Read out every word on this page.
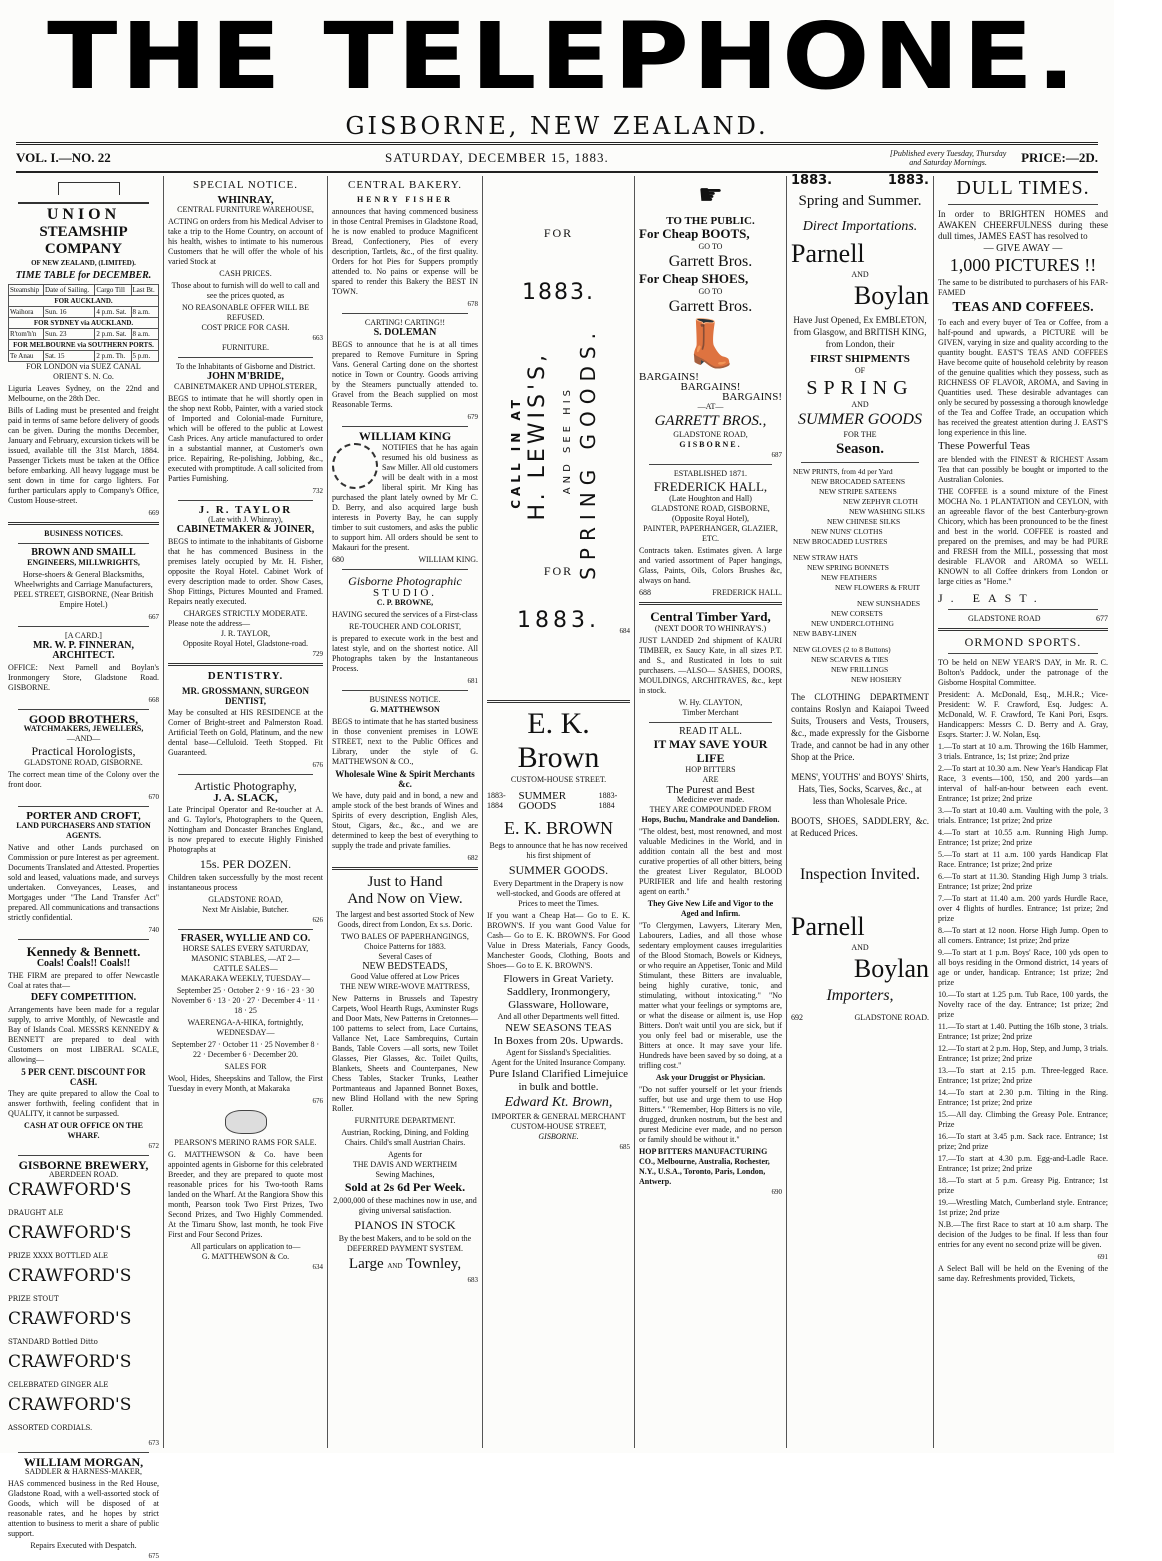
THE TELEPHONE.
GISBORNE, NEW ZEALAND.
VOL. I.—NO. 22	SATURDAY, DECEMBER 15, 1883.	[Published every Tuesday, Thursday and Saturday Mornings.	PRICE:—2D.
UNION
STEAMSHIP COMPANY
OF NEW ZEALAND, (LIMITED).
TIME TABLE for DECEMBER.
Steamship	Date of Sailing.	Cargo Till	Last Bt.
FOR AUCKLAND.			
Waihora	Sun. 16	4 p.m. Sat.	8 a.m.
FOR SYDNEY via AUCKLAND.			
R'tom'h'n	Sun. 23	2 p.m. Sat.	8 a.m.
FOR MELBOURNE via SOUTHERN PORTS.			
Te Anau	Sat. 15	2 p.m. Th.	5 p.m.
FOR LONDON via SUEZ CANAL
ORIENT S. N. Co.

Liguria Leaves Sydney, on the 22nd and Melbourne, on the 28th Dec.

Bills of Lading must be presented and freight paid in terms of same before delivery of goods can be given. During the months December, January and February, excursion tickets will be issued, available till the 31st March, 1884. Passenger Tickets must be taken at the Office before embarking. All heavy luggage must be sent down in time for cargo lighters. For further particulars apply to Company's Office, Custom House-street.

669
BUSINESS NOTICES.
BROWN AND SMAILL
ENGINEERS, MILLWRIGHTS,

Horse-shoers & General Blacksmiths, Wheelwrights and Carriage Manufacturers, PEEL STREET, GISBORNE, (Near British Empire Hotel.)

667
[A CARD.]
MR. W. P. FINNERAN, ARCHITECT.

OFFICE: Next Parnell and Boylan's Ironmongery Store, Gladstone Road. GISBORNE.

668
GOOD BROTHERS,
WATCHMAKERS, JEWELLERS,
—AND—
Practical Horologists,
GLADSTONE ROAD, GISBORNE.

The correct mean time of the Colony over the front door.

670
PORTER AND CROFT,
LAND PURCHASERS AND STATION AGENTS.

Native and other Lands purchased on Commission or pure Interest as per agreement. Documents Translated and Attested. Properties sold and leased, valuations made, and surveys undertaken. Conveyances, Leases, and Mortgages under "The Land Transfer Act" prepared. All communications and transactions strictly confidential.

740
Kennedy & Bennett.
Coals! Coals!! Coals!!

THE FIRM are prepared to offer Newcastle Coal at rates that—

DEFY COMPETITION.

Arrangements have been made for a regular supply, to arrive Monthly, of Newcastle and Bay of Islands Coal. MESSRS KENNEDY & BENNETT are prepared to deal with Customers on most LIBERAL SCALE, allowing—

5 PER CENT. DISCOUNT FOR CASH.

They are quite prepared to allow the Coal to answer forthwith, feeling confident that in QUALITY, it cannot be surpassed.

CASH AT OUR OFFICE ON THE WHARF.
672
GISBORNE BREWERY,
ABERDEEN ROAD.
CRAWFORD'S DRAUGHT ALE
CRAWFORD'S PRIZE XXXX BOTTLED ALE
CRAWFORD'S PRIZE STOUT
CRAWFORD'S STANDARD Bottled Ditto
CRAWFORD'S CELEBRATED GINGER ALE
CRAWFORD'S ASSORTED CORDIALS.
673
WILLIAM MORGAN,
SADDLER & HARNESS-MAKER,

HAS commenced business in the Red House, Gladstone Road, with a well-assorted stock of Goods, which will be disposed of at reasonable rates, and he hopes by strict attention to business to merit a share of public support.

Repairs Executed with Despatch.
675
SPECIAL NOTICE.
WHINRAY,
CENTRAL FURNITURE WAREHOUSE,

ACTING on orders from his Medical Adviser to take a trip to the Home Country, on account of his health, wishes to intimate to his numerous Customers that he will offer the whole of his varied Stock at

CASH PRICES.

Those about to furnish will do well to call and see the prices quoted, as

NO REASONABLE OFFER WILL BE REFUSED.
COST PRICE FOR CASH.
663
FURNITURE.
To the Inhabitants of Gisborne and District.
JOHN M'BRIDE,
CABINETMAKER AND UPHOLSTERER,

BEGS to intimate that he will shortly open in the shop next Robb, Painter, with a varied stock of Imported and Colonial-made Furniture, which will be offered to the public at Lowest Cash Prices. Any article manufactured to order in a substantial manner, at Customer's own price. Repairing, Re-polishing, Jobbing, &c., executed with promptitude. A call solicited from Parties Furnishing.

732
J. R. TAYLOR
(Late with J. Whinray),
CABINETMAKER & JOINER,

BEGS to intimate to the inhabitants of Gisborne that he has commenced Business in the premises lately occupied by Mr. H. Fisher, opposite the Royal Hotel. Cabinet Work of every description made to order. Show Cases, Shop Fittings, Pictures Mounted and Framed. Repairs neatly executed.

CHARGES STRICTLY MODERATE.
Please note the address—
J. R. TAYLOR,
Opposite Royal Hotel, Gladstone-road.
729
DENTISTRY.
MR. GROSSMANN, SURGEON DENTIST,

May be consulted at HIS RESIDENCE at the Corner of Bright-street and Palmerston Road. Artificial Teeth on Gold, Platinum, and the new dental base—Celluloid. Teeth Stopped. Fit Guaranteed.

676
Artistic Photography,
J. A. SLACK,

Late Principal Operator and Re-toucher at A. and G. Taylor's, Photographers to the Queen, Nottingham and Doncaster Branches England, is now prepared to execute Highly Finished Photographs at

15s. PER DOZEN.

Children taken successfully by the most recent instantaneous process

GLADSTONE ROAD,
Next Mr Aislabie, Butcher.
626
FRASER, WYLLIE AND CO.
HORSE SALES EVERY SATURDAY, MASONIC STABLES, —AT 2—
CATTLE SALES—
MAKARAKA WEEKLY, TUESDAY—

September 25 · October 2 · 9 · 16 · 23 · 30 November 6 · 13 · 20 · 27 · December 4 · 11 · 18 · 25

WAERENGA-A-HIKA, fortnightly, WEDNESDAY—

September 27 · October 11 · 25 November 8 · 22 · December 6 · December 20.

SALES FOR

Wool, Hides, Sheepskins and Tallow, the First Tuesday in every Month, at Makaraka

676
PEARSON'S MERINO RAMS FOR SALE.

G. MATTHEWSON & Co. have been appointed agents in Gisborne for this celebrated Breeder, and they are prepared to quote most reasonable prices for his Two-tooth Rams landed on the Wharf. At the Rangiora Show this month, Pearson took Two First Prizes, Two Second Prizes, and Two Highly Commended. At the Timaru Show, last month, he took Five First and Four Second Prizes.

All particulars on application to—
G. MATTHEWSON & Co.
634
CENTRAL BAKERY.
HENRY FISHER

announces that having commenced business in those Central Premises in Gladstone Road, he is now enabled to produce Magnificent Bread, Confectionery, Pies of every description, Tartlets, &c., of the first quality. Orders for hot Pies for Suppers promptly attended to. No pains or expense will be spared to render this Bakery the BEST IN TOWN.

678
CARTING! CARTING!!
S. DOLEMAN

BEGS to announce that he is at all times prepared to Remove Furniture in Spring Vans. General Carting done on the shortest notice in Town or Country. Goods arriving by the Steamers punctually attended to. Gravel from the Beach supplied on most Reasonable Terms.

679
WILLIAM KING

NOTIFIES that he has again resumed his old business as Saw Miller. All old customers will be dealt with in a most liberal spirit. Mr King has purchased the plant lately owned by Mr C. D. Berry, and also acquired large bush interests in Poverty Bay, he can supply timber to suit customers, and asks the public to support him. All orders should be sent to Makauri for the present.

680	WILLIAM KING.
Gisborne Photographic
STUDIO.
C. P. BROWNE,

HAVING secured the services of a First-class

RE-TOUCHER AND COLORIST,

is prepared to execute work in the best and latest style, and on the shortest notice. All Photographs taken by the Instantaneous Process.

681
BUSINESS NOTICE.
G. MATTHEWSON

BEGS to intimate that he has started business in those convenient premises in LOWE STREET, next to the Public Offices and Library, under the style of G. MATTHEWSON & CO.,

Wholesale Wine & Spirit Merchants &c.

We have, duty paid and in bond, a new and ample stock of the best brands of Wines and Spirits of every description, English Ales, Stout, Cigars, &c., &c., and we are determined to keep the best of everything to supply the trade and private families.

682
Just to Hand
And Now on View.

The largest and best assorted Stock of New Goods, direct from London, Ex s.s. Doric.

TWO BALES OF PAPERHANGINGS,
Choice Patterns for 1883.
Several Cases of
NEW BEDSTEADS,
Good Value offered at Low Prices
THE NEW WIRE-WOVE MATTRESS,

New Patterns in Brussels and Tapestry Carpets, Wool Hearth Rugs, Axminster Rugs and Door Mats, New Patterns in Cretonnes—100 patterns to select from, Lace Curtains, Vallance Net, Lace Sambrequins, Curtain Bands, Table Covers —all sorts, new Toilet Glasses, Pier Glasses, &c. Toilet Quilts, Blankets, Sheets and Counterpanes, New Chess Tables, Stacker Trunks, Leather Portmanteaus and Japanned Bonnet Boxes, new Blind Holland with the new Spring Roller.

FURNITURE DEPARTMENT.

Austrian, Rocking, Dining, and Folding Chairs. Child's small Austrian Chairs.

Agents for
THE DAVIS AND WERTHEIM
Sewing Machines,
Sold at 2s 6d Per Week.

2,000,000 of these machines now in use, and giving universal satisfaction.

PIANOS IN STOCK

By the best Makers, and to be sold on the DEFERRED PAYMENT SYSTEM.

Large AND Townley,
683
FOR
1883.
CALL IN AT H. LEWIS'S, AND SEE HIS SPRING GOODS.
FOR
1883.	684
E. K. Brown
CUSTOM-HOUSE STREET.
1883-1884
SUMMER GOODS
1883-1884
E. K. BROWN

Begs to announce that he has now received his first shipment of

SUMMER GOODS.

Every Department in the Drapery is now well-stocked, and Goods are offered at Prices to meet the Times.

If you want a Cheap Hat— Go to E. K. BROWN'S. If you want Good Value for Cash— Go to E. K. BROWN'S. For Good Value in Dress Materials, Fancy Goods, Manchester Goods, Clothing, Boots and Shoes— Go to E. K. BROWN'S.

Flowers in Great Variety.
Saddlery, Ironmongery, Glassware, Holloware,
And all other Departments well fitted.
NEW SEASONS TEAS
In Boxes from 20s. Upwards.
Agent for Sissland's Specialities.
Agent for the United Insurance Company.
Pure Island Clarified Limejuice in bulk and bottle.
Edward Kt. Brown,
IMPORTER & GENERAL MERCHANT
CUSTOM-HOUSE STREET,
GISBORNE.
685
☛
TO THE PUBLIC.
For Cheap BOOTS,
GO TO
Garrett Bros.
For Cheap SHOES,
GO TO
Garrett Bros.
👢
BARGAINS!
BARGAINS!
BARGAINS!
—AT—
GARRETT BROS.,
GLADSTONE ROAD,
GISBORNE.
687
ESTABLISHED 1871.
FREDERICK HALL,
(Late Houghton and Hall)
GLADSTONE ROAD, GISBORNE, (Opposite Royal Hotel),
PAINTER, PAPERHANGER, GLAZIER, ETC.

Contracts taken. Estimates given. A large and varied assortment of Paper hangings, Glass, Paints, Oils, Colors Brushes &c, always on hand.

688	FREDERICK HALL.
Central Timber Yard,
(NEXT DOOR TO WHINRAY'S.)

JUST LANDED 2nd shipment of KAURI TIMBER, ex Saucy Kate, in all sizes P.T. and S., and Rusticated in lots to suit purchasers. —ALSO— SASHES, DOORS, MOULDINGS, ARCHITRAVES, &c., kept in stock.

W. Hy. CLAYTON,
Timber Merchant
READ IT ALL.
IT MAY SAVE YOUR LIFE
HOP BITTERS
ARE
The Purest and Best
Medicine ever made.
THEY ARE COMPOUNDED FROM
Hops, Buchu, Mandrake and Dandelion.

"The oldest, best, most renowned, and most valuable Medicines in the World, and in addition contain all the best and most curative properties of all other bitters, being the greatest Liver Regulator, BLOOD PURIFIER and life and health restoring agent on earth."

They Give New Life and Vigor to the Aged and Infirm.

"To Clergymen, Lawyers, Literary Men, Labourers, Ladies, and all those whose sedentary employment causes irregularities of the Blood Stomach, Bowels or Kidneys, or who require an Appetiser, Tonic and Mild Stimulant, these Bitters are invaluable, being highly curative, tonic, and stimulating, without intoxicating." "No matter what your feelings or symptoms are, or what the disease or ailment is, use Hop Bitters. Don't wait until you are sick, but if you only feel bad or miserable, use the Bitters at once. It may save your life. Hundreds have been saved by so doing, at a trifling cost."

Ask your Druggist or Physician.

"Do not suffer yourself or let your friends suffer, but use and urge them to use Hop Bitters." "Remember, Hop Bitters is no vile, drugged, drunken nostrum, but the best and purest Medicine ever made, and no person or family should be without it."

HOP BITTERS MANUFACTURING CO., Melbourne, Australia, Rochester, N.Y., U.S.A., Toronto, Paris, London, Antwerp.
690
1883.	1883.
Spring and Summer.
Direct Importations.
Parnell
AND
Boylan

Have Just Opened, Ex EMBLETON, from Glasgow, and BRITISH KING, from London, their

FIRST SHIPMENTS
OF
SPRING
AND
SUMMER GOODS
FOR THE
Season.
NEW PRINTS, from 4d per Yard
NEW BROCADED SATEENS
NEW STRIPE SATEENS
NEW ZEPHYR CLOTH
NEW WASHING SILKS
NEW CHINESE SILKS
NEW NUNS' CLOTHS
NEW BROCADED LUSTRES
NEW STRAW HATS
NEW SPRING BONNETS
NEW FEATHERS
NEW FLOWERS & FRUIT
NEW SUNSHADES
NEW CORSETS
NEW UNDERCLOTHING
NEW BABY-LINEN
NEW GLOVES (2 to 8 Buttons)
NEW SCARVES & TIES
NEW FRILLINGS
NEW HOSIERY

The CLOTHING DEPARTMENT contains Roslyn and Kaiapoi Tweed Suits, Trousers and Vests, Trousers, &c., made expressly for the Gisborne Trade, and cannot be had in any other Shop at the Price.

MENS', YOUTHS' and BOYS' Shirts, Hats, Ties, Socks, Scarves, &c., at less than Wholesale Price.

BOOTS, SHOES, SADDLERY, &c. at Reduced Prices.

Inspection Invited.
Parnell
AND
Boylan
Importers,
692	GLADSTONE ROAD.
DULL TIMES.

In order to BRIGHTEN HOMES and AWAKEN CHEERFULNESS during these dull times, JAMES EAST has resolved to

— GIVE AWAY —
1,000 PICTURES !!

The same to be distributed to purchasers of his FAR-FAMED

TEAS AND COFFEES.

To each and every buyer of Tea or Coffee, from a half-pound and upwards, a PICTURE will be GIVEN, varying in size and quality according to the quantity bought. EAST'S TEAS AND COFFEES Have become quite of household celebrity by reason of the genuine qualities which they possess, such as RICHNESS OF FLAVOR, AROMA, and Saving in Quantities used. These desirable advantages can only be secured by possessing a thorough knowledge of the Tea and Coffee Trade, an occupation which has received the greatest attention during J. EAST'S long experience in this line.

These Powerful Teas

are blended with the FINEST & RICHEST Assam Tea that can possibly be bought or imported to the Australian Colonies.

THE COFFEE is a sound mixture of the Finest MOCHA No. 1 PLANTATION and CEYLON, with an agreeable flavor of the best Canterbury-grown Chicory, which has been pronounced to be the finest and best in the world. COFFEE is roasted and prepared on the premises, and may be had PURE and FRESH from the MILL, possessing that most desirable FLAVOR and AROMA so WELL KNOWN to all Coffee drinkers from London or large cities as "Home."

J. EAST.
GLADSTONE ROAD	677
ORMOND SPORTS.

TO be held on NEW YEAR'S DAY, in Mr. R. C. Bolton's Paddock, under the patronage of the Gisborne Hospital Committee.

President: A. McDonald, Esq., M.H.R.; Vice-President: W. F. Crawford, Esq. Judges: A. McDonald, W. F. Crawford, Te Kani Pori, Esqrs. Handicappers: Messrs C. D. Berry and A. Gray, Esqrs. Starter: J. W. Nolan, Esq.

1.—To start at 10 a.m. Throwing the 16lb Hammer, 3 trials. Entrance, 1s; 1st prize; 2nd prize

2.—To start at 10.30 a.m. New Year's Handicap Flat Race, 3 events—100, 150, and 200 yards—an interval of half-an-hour between each event. Entrance; 1st prize; 2nd prize

3.—To start at 10.40 a.m. Vaulting with the pole, 3 trials. Entrance; 1st prize; 2nd prize

4.—To start at 10.55 a.m. Running High Jump. Entrance; 1st prize; 2nd prize

5.—To start at 11 a.m. 100 yards Handicap Flat Race. Entrance; 1st prize; 2nd prize

6.—To start at 11.30. Standing High Jump 3 trials. Entrance; 1st prize; 2nd prize

7.—To start at 11.40 a.m. 200 yards Hurdle Race, over 4 flights of hurdles. Entrance; 1st prize; 2nd prize

8.—To start at 12 noon. Horse High Jump. Open to all comers. Entrance; 1st prize; 2nd prize

9.—To start at 1 p.m. Boys' Race, 100 yds open to all boys residing in the Ormond district, 14 years of age or under, handicap. Entrance; 1st prize; 2nd prize

10.—To start at 1.25 p.m. Tub Race, 100 yards, the Novelty race of the day. Entrance; 1st prize; 2nd prize

11.—To start at 1.40. Putting the 16lb stone, 3 trials. Entrance; 1st prize; 2nd prize

12.—To start at 2 p.m. Hop, Step, and Jump, 3 trials. Entrance; 1st prize; 2nd prize

13.—To start at 2.15 p.m. Three-legged Race. Entrance; 1st prize; 2nd prize

14.—To start at 2.30 p.m. Tilting in the Ring. Entrance; 1st prize; 2nd prize

15.—All day. Climbing the Greasy Pole. Entrance; Prize

16.—To start at 3.45 p.m. Sack race. Entrance; 1st prize; 2nd prize

17.—To start at 4.30 p.m. Egg-and-Ladle Race. Entrance; 1st prize; 2nd prize

18.—To start at 5 p.m. Greasy Pig. Entrance; 1st prize

19.—Wrestling Match, Cumberland style. Entrance; 1st prize; 2nd prize

N.B.—The first Race to start at 10 a.m sharp. The decision of the Judges to be final. If less than four entries for any event no second prize will be given.

691

A Select Ball will be held on the Evening of the same day. Refreshments provided, Tickets,
